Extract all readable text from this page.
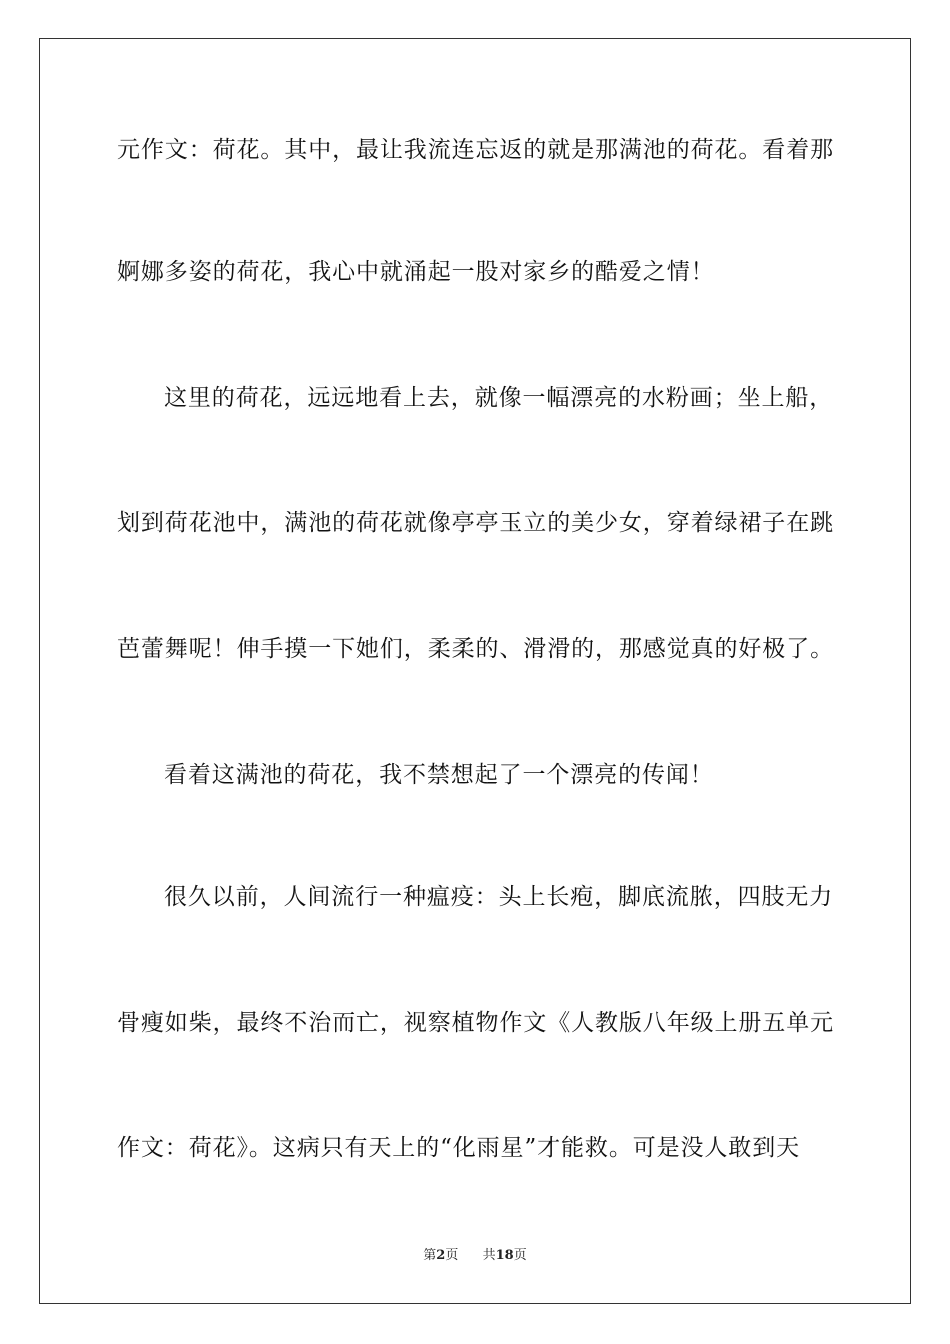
元作文：荷花。其中，最让我流连忘返的就是那满池的荷花。看着那
婀娜多姿的荷花，我心中就涌起一股对家乡的酷爱之情！
这里的荷花，远远地看上去，就像一幅漂亮的水粉画；坐上船，
划到荷花池中，满池的荷花就像亭亭玉立的美少女，穿着绿裙子在跳
芭蕾舞呢！伸手摸一下她们，柔柔的、滑滑的，那感觉真的好极了。
看着这满池的荷花，我不禁想起了一个漂亮的传闻！
很久以前，人间流行一种瘟疫：头上长疱，脚底流脓，四肢无力
骨瘦如柴，最终不治而亡，视察植物作文《人教版八年级上册五单元
作文：荷花》。这病只有天上的“化雨星”才能救。可是没人敢到天
第2页 共18页
